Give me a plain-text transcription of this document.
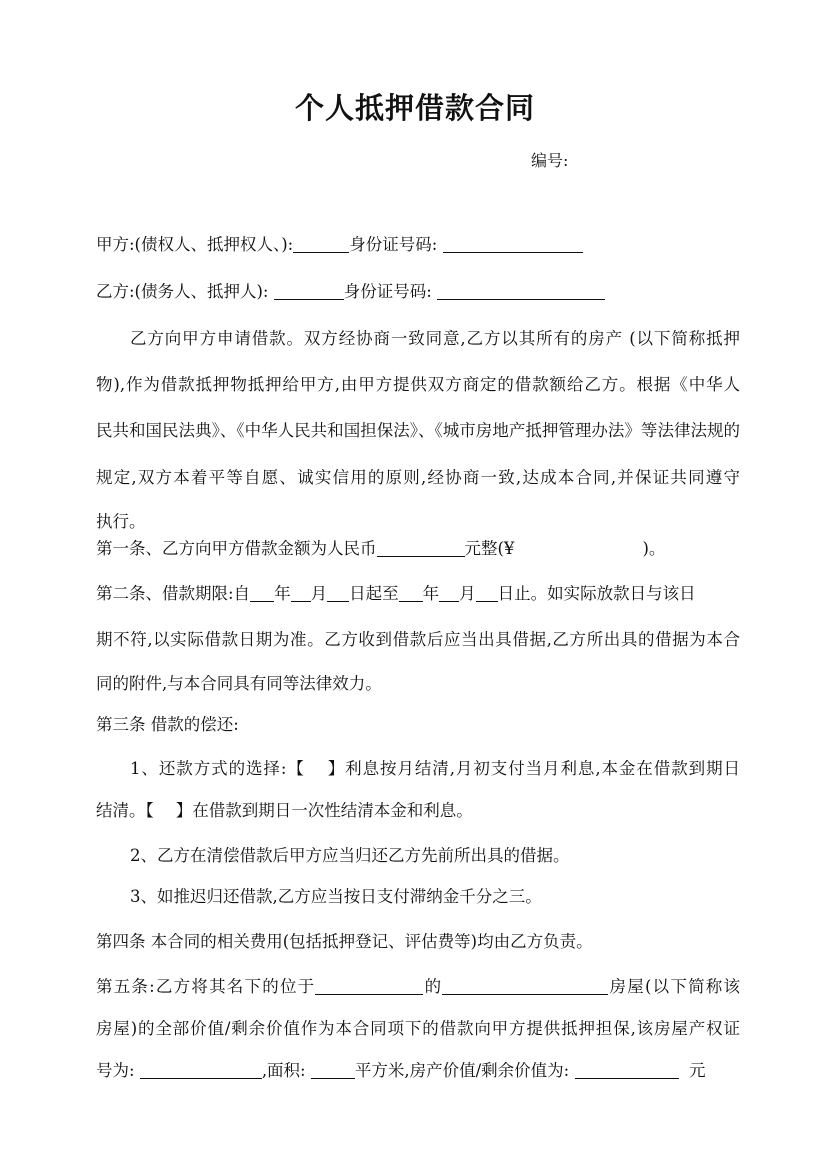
个人抵押借款合同
编号:
甲方:(债权人、抵押权人、):	身份证号码:
乙方:(债务人、抵押人):	身份证号码:
乙方向甲方申请借款。双方经协商一致同意,乙方以其所有的房产 (以下简称抵押
物),作为借款抵押物抵押给甲方,由甲方提供双方商定的借款额给乙方。根据《中华人
民共和国民法典》、《中华人民共和国担保法》、《城市房地产抵押管理办法》等法律法规的
规定,双方本着平等自愿、诚实信用的原则,经协商一致,达成本合同,并保证共同遵守
执行。
第一条、乙方向甲方借款金额为人民币	元整(¥	)。
第二条、借款期限:自 年 月 日起至 年 月 日止。如实际放款日与该日
期不符,以实际借款日期为准。乙方收到借款后应当出具借据,乙方所出具的借据为本合
同的附件,与本合同具有同等法律效力。
第三条 借款的偿还:
1、还款方式的选择:【 】利息按月结清,月初支付当月利息,本金在借款到期日
结清。【 】在借款到期日一次性结清本金和利息。
2、乙方在清偿借款后甲方应当归还乙方先前所出具的借据。
3、如推迟归还借款,乙方应当按日支付滞纳金千分之三。
第四条 本合同的相关费用(包括抵押登记、评估费等)均由乙方负责。
第五条:乙方将其名下的位于	的	房屋(以下简称该
房屋)的全部价值/剩余价值作为本合同项下的借款向甲方提供抵押担保,该房屋产权证
号为:	,面积:	平方米,房产价值/剩余价值为:	元
